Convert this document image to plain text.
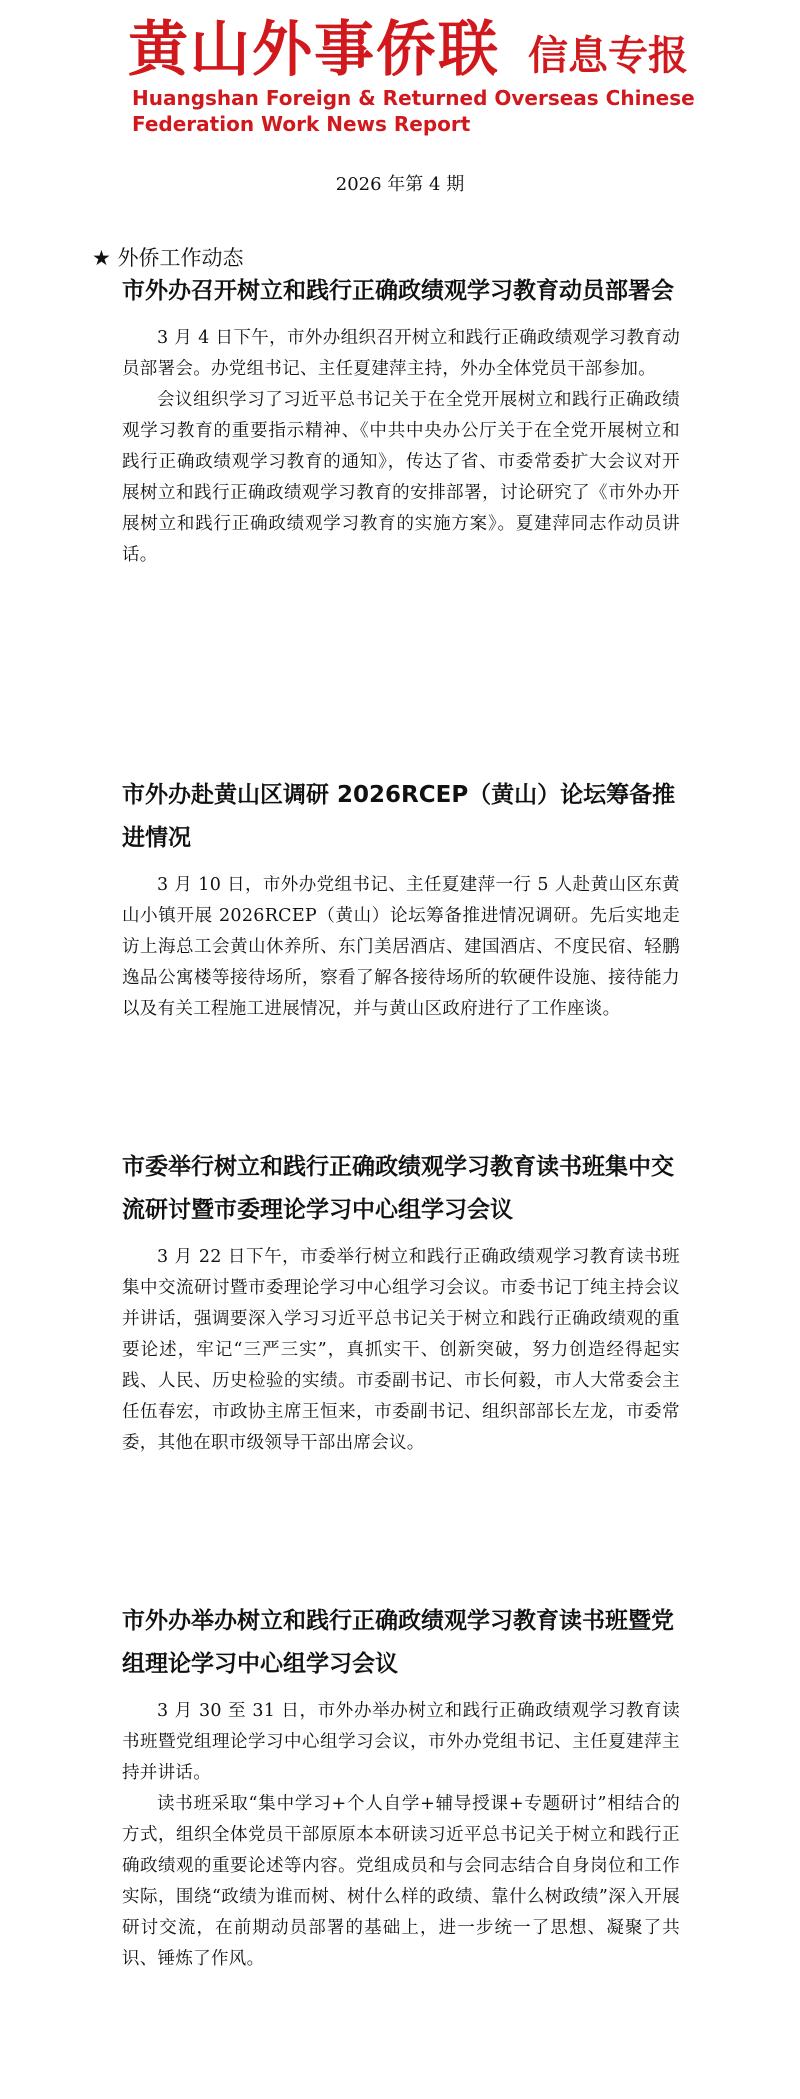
黄山外事侨联 信息专报
Huangshan Foreign & Returned Overseas Chinese
Federation Work News Report
2026 年第 4 期
★ 外侨工作动态
市外办召开树立和践行正确政绩观学习教育动员部署会

3 月 4 日下午，市外办组织召开树立和践行正确政绩观学习教育动员部署会。办党组书记、主任夏建萍主持，外办全体党员干部参加。

会议组织学习了习近平总书记关于在全党开展树立和践行正确政绩观学习教育的重要指示精神、《中共中央办公厅关于在全党开展树立和践行正确政绩观学习教育的通知》，传达了省、市委常委扩大会议对开展树立和践行正确政绩观学习教育的安排部署，讨论研究了《市外办开展树立和践行正确政绩观学习教育的实施方案》。夏建萍同志作动员讲话。

市外办赴黄山区调研 2026RCEP（黄山）论坛筹备推进情况

3 月 10 日，市外办党组书记、主任夏建萍一行 5 人赴黄山区东黄山小镇开展 2026RCEP（黄山）论坛筹备推进情况调研。先后实地走访上海总工会黄山休养所、东门美居酒店、建国酒店、不度民宿、轻鹏逸品公寓楼等接待场所，察看了解各接待场所的软硬件设施、接待能力以及有关工程施工进展情况，并与黄山区政府进行了工作座谈。

市委举行树立和践行正确政绩观学习教育读书班集中交流研讨暨市委理论学习中心组学习会议

3 月 22 日下午，市委举行树立和践行正确政绩观学习教育读书班集中交流研讨暨市委理论学习中心组学习会议。市委书记丁纯主持会议并讲话，强调要深入学习习近平总书记关于树立和践行正确政绩观的重要论述，牢记“三严三实”，真抓实干、创新突破，努力创造经得起实践、人民、历史检验的实绩。市委副书记、市长何毅，市人大常委会主任伍春宏，市政协主席王恒来，市委副书记、组织部部长左龙，市委常委，其他在职市级领导干部出席会议。

市外办举办树立和践行正确政绩观学习教育读书班暨党组理论学习中心组学习会议

3 月 30 至 31 日，市外办举办树立和践行正确政绩观学习教育读书班暨党组理论学习中心组学习会议，市外办党组书记、主任夏建萍主持并讲话。

读书班采取“集中学习+个人自学+辅导授课+专题研讨”相结合的方式，组织全体党员干部原原本本研读习近平总书记关于树立和践行正确政绩观的重要论述等内容。党组成员和与会同志结合自身岗位和工作实际，围绕“政绩为谁而树、树什么样的政绩、靠什么树政绩”深入开展研讨交流，在前期动员部署的基础上，进一步统一了思想、凝聚了共识、锤炼了作风。
